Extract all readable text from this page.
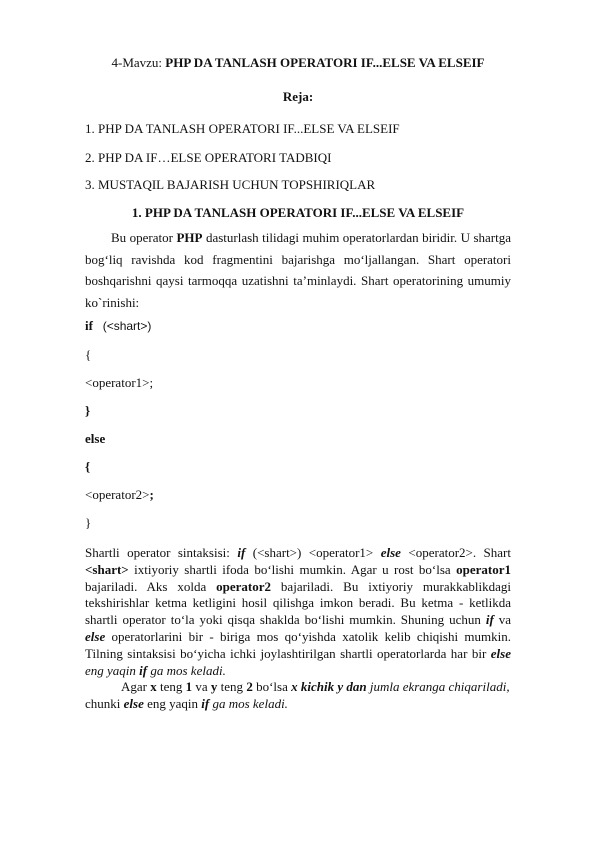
4-Mavzu: PHP DA TANLASH OPERATORI IF...ELSE VA ELSEIF
Reja:
1. PHP DA TANLASH OPERATORI IF...ELSE VA ELSEIF
2. PHP DA IF…ELSE OPERATORI TADBIQI
3. MUSTAQIL BAJARISH UCHUN TOPSHIRIQLAR
1. PHP DA TANLASH OPERATORI IF...ELSE VA ELSEIF
Bu operator PHP dasturlash tilidagi muhim operatorlardan biridir. U shartga bog‘liq ravishda kod fragmentini bajarishga mo‘ljallangan. Shart operatori boshqarishni qaysi tarmoqqa uzatishni ta’minlaydi. Shart operatorining umumiy ko`rinishi:
if (<shart>)
{
<operator1>;
}
else
{
<operator2>;
}
Shartli operator sintaksisi: if (<shart>) <operator1> else <operator2>. Shart <shart> ixtiyoriy shartli ifoda bo‘lishi mumkin. Agar u rost bo‘lsa operator1 bajariladi. Aks xolda operator2 bajariladi. Bu ixtiyoriy murakkablikdagi tekshirishlar ketma ketligini hosil qilishga imkon beradi. Bu ketma - ketlikda shartli operator to‘la yoki qisqa shaklda bo‘lishi mumkin. Shuning uchun if va else operatorlarini bir - biriga mos qo‘yishda xatolik kelib chiqishi mumkin. Tilning sintaksisi bo‘yicha ichki joylashtirilgan shartli operatorlarda har bir else eng yaqin if ga mos keladi.
Agar x teng 1 va y teng 2 bo‘lsa x kichik y dan jumla ekranga chiqariladi,
chunki else eng yaqin if ga mos keladi.
